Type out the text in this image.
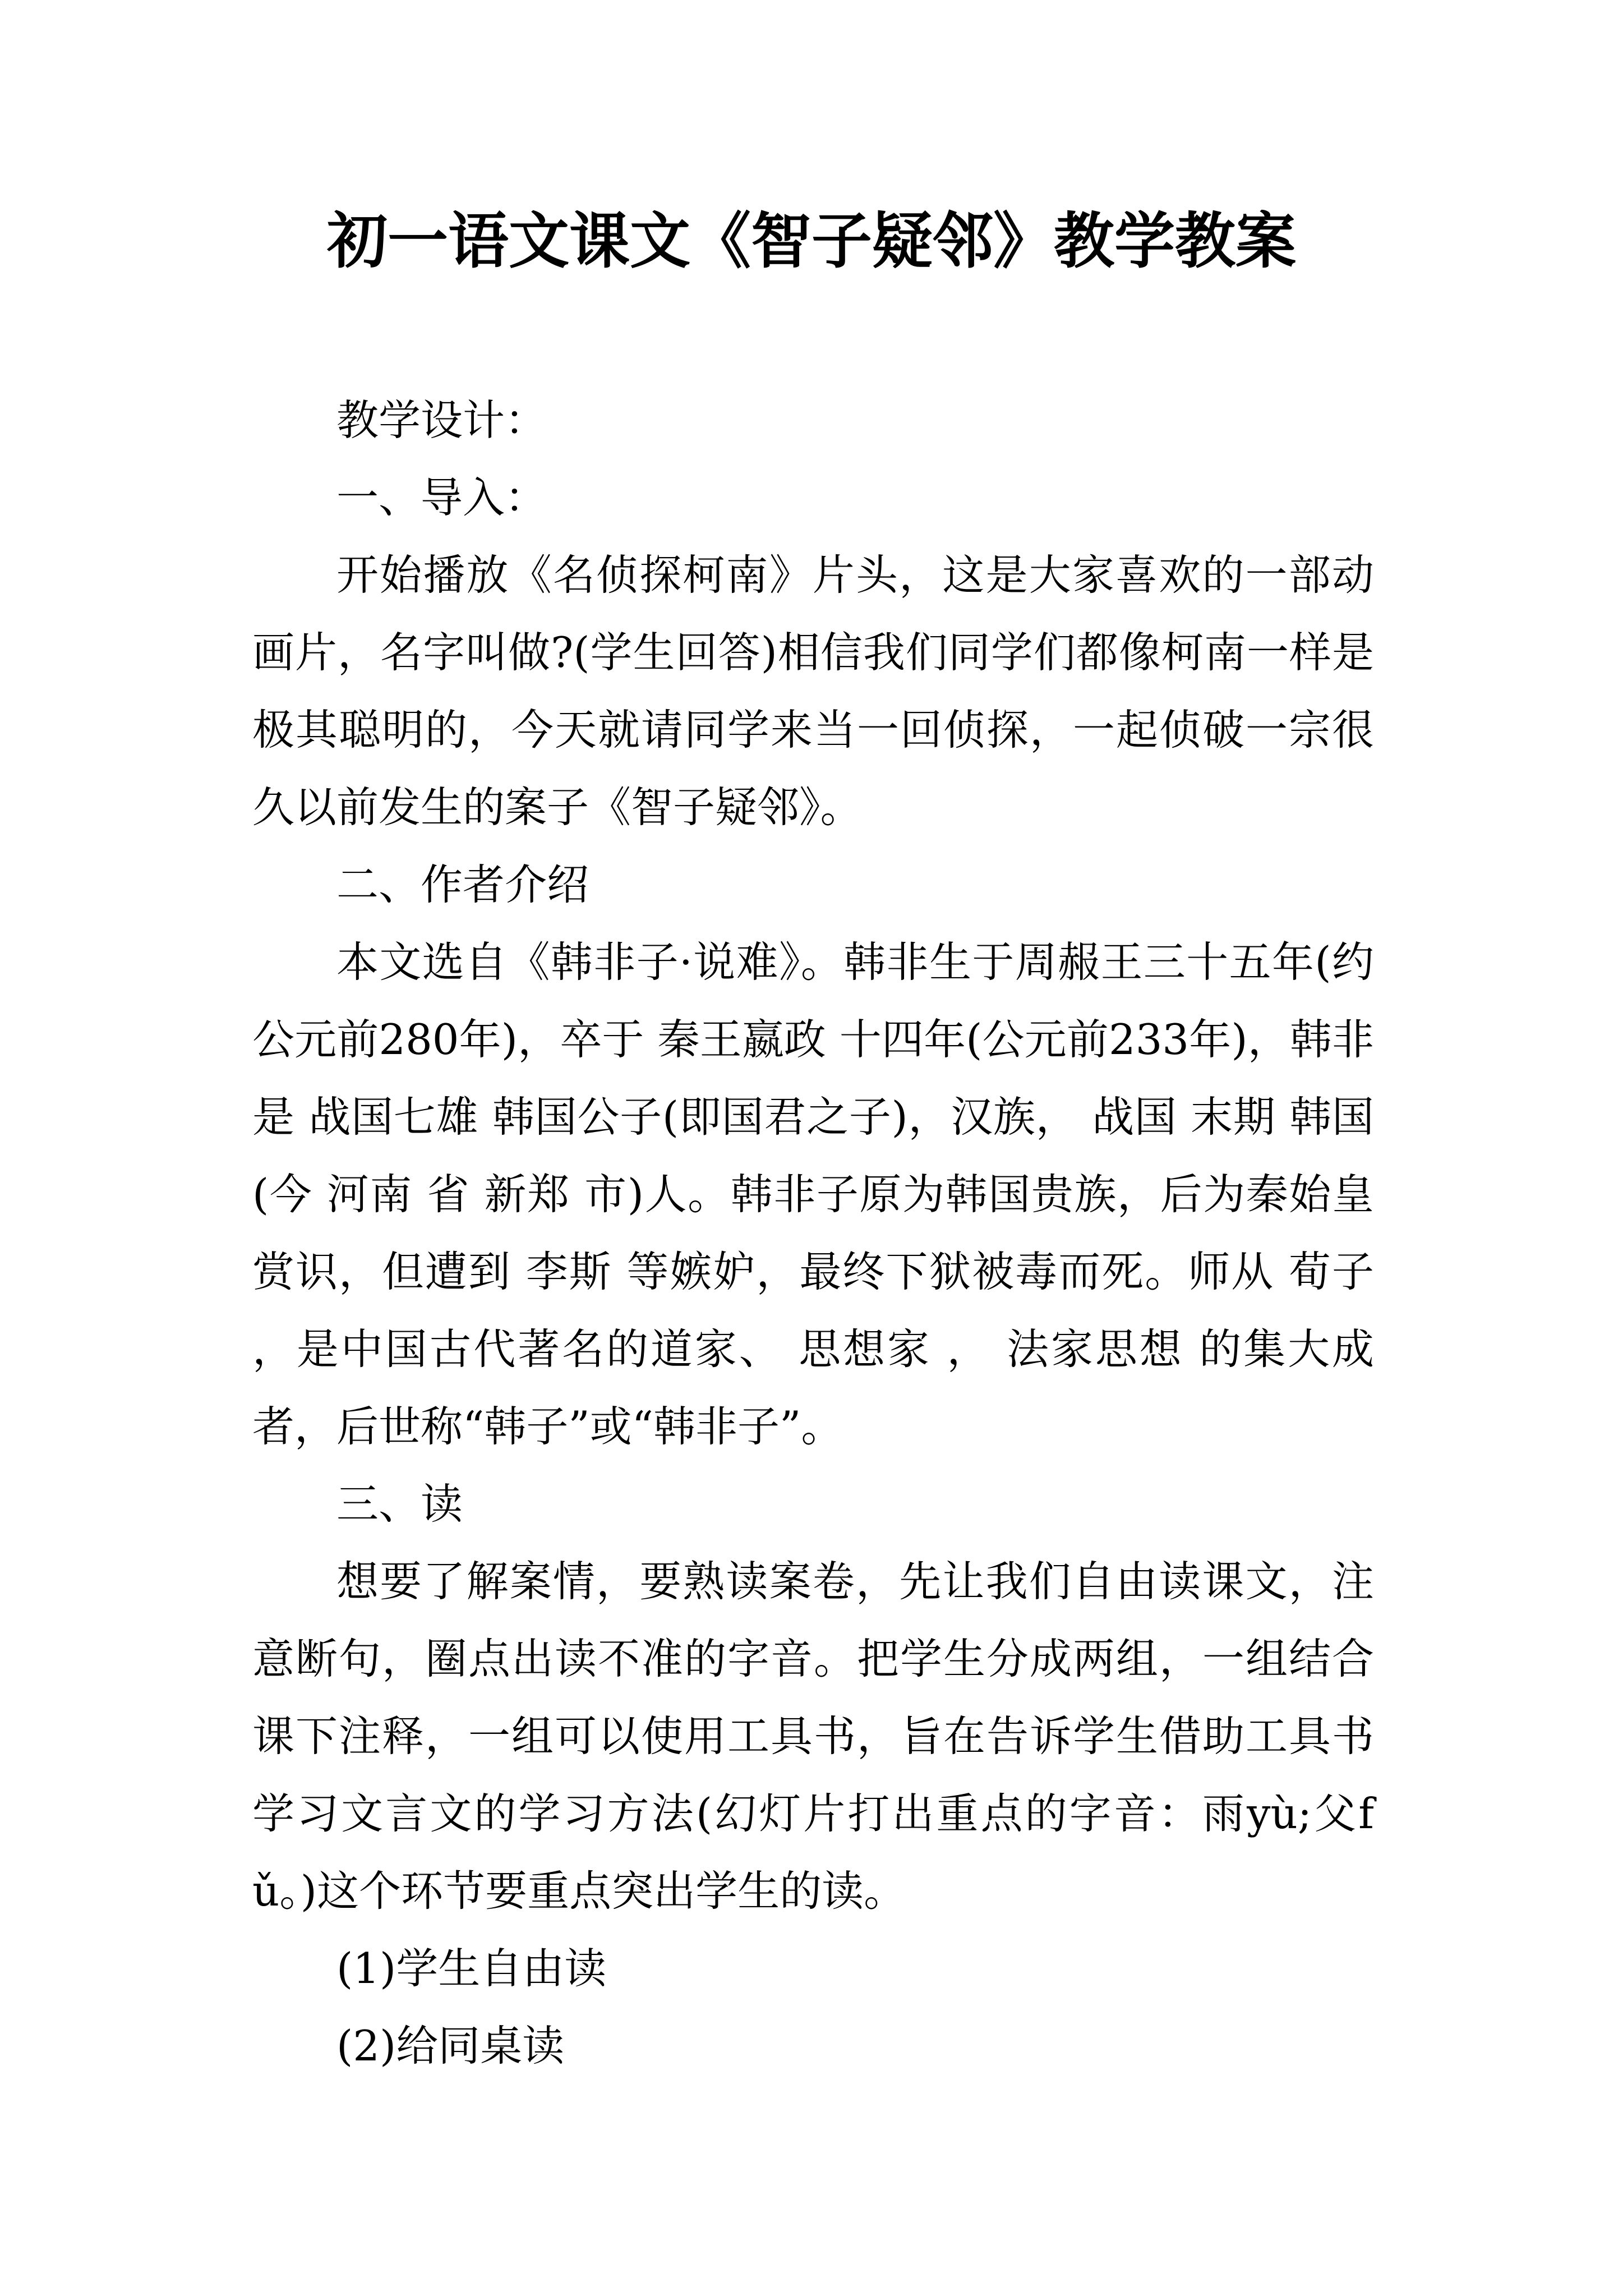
初一语文课文《智子疑邻》教学教案

教学设计：

一、导入：

开始播放《名侦探柯南》片头，这是大家喜欢的一部动画片，名字叫做?(学生回答)相信我们同学们都像柯南一样是极其聪明的，今天就请同学来当一回侦探，一起侦破一宗很久以前发生的案子《智子疑邻》。

二、作者介绍

本文选自《韩非子·说难》。韩非生于周赧王三十五年(约公元前280年)，卒于 秦王嬴政 十四年(公元前233年)，韩非是 战国七雄 韩国公子(即国君之子)，汉族， 战国 末期 韩国 (今 河南 省 新郑 市)人。韩非子原为韩国贵族，后为秦始皇赏识，但遭到 李斯 等嫉妒，最终下狱被毒而死。师从 荀子 ，是中国古代著名的道家、 思想家 ， 法家思想 的集大成者，后世称“韩子”或“韩非子”。

三、读

想要了解案情，要熟读案卷，先让我们自由读课文，注意断句，圈点出读不准的字音。把学生分成两组，一组结合课下注释，一组可以使用工具书，旨在告诉学生借助工具书学习文言文的学习方法(幻灯片打出重点的字音：雨yù;父fǔ。)这个环节要重点突出学生的读。

(1)学生自由读

(2)给同桌读
